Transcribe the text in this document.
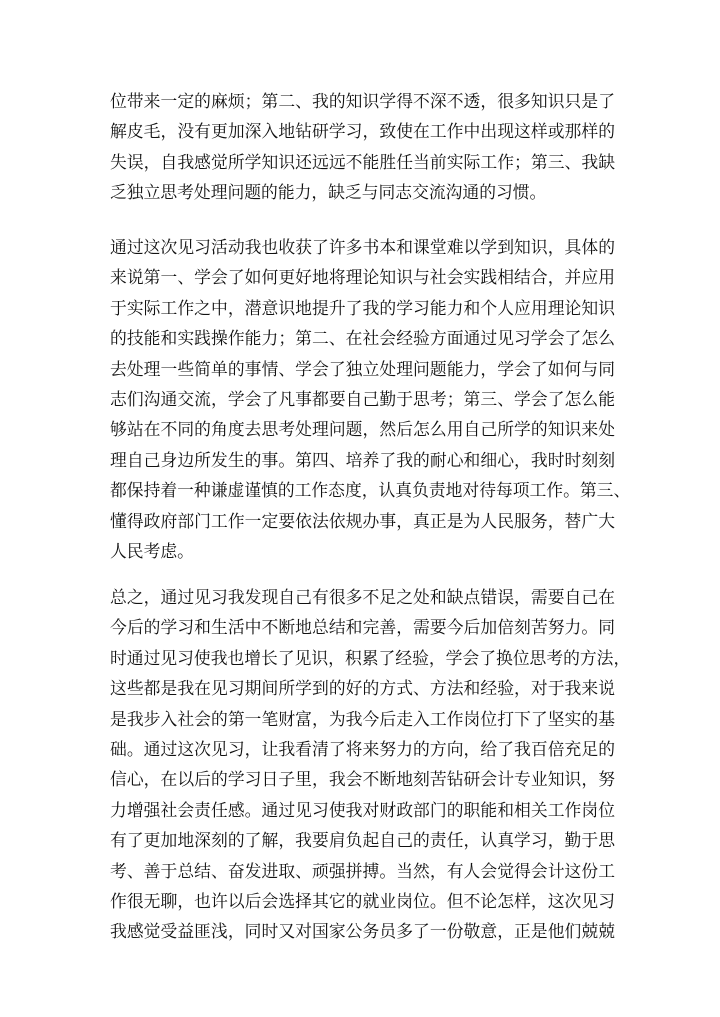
位带来一定的麻烦；第二、我的知识学得不深不透，很多知识只是了
解皮毛，没有更加深入地钻研学习，致使在工作中出现这样或那样的
失误，自我感觉所学知识还远远不能胜任当前实际工作；第三、我缺
乏独立思考处理问题的能力，缺乏与同志交流沟通的习惯。
通过这次见习活动我也收获了许多书本和课堂难以学到知识，具体的
来说第一、学会了如何更好地将理论知识与社会实践相结合，并应用
于实际工作之中，潜意识地提升了我的学习能力和个人应用理论知识
的技能和实践操作能力；第二、在社会经验方面通过见习学会了怎么
去处理一些简单的事情、学会了独立处理问题能力，学会了如何与同
志们沟通交流，学会了凡事都要自己勤于思考；第三、学会了怎么能
够站在不同的角度去思考处理问题，然后怎么用自己所学的知识来处
理自己身边所发生的事。第四、培养了我的耐心和细心，我时时刻刻
都保持着一种谦虚谨慎的工作态度，认真负责地对待每项工作。第三、
懂得政府部门工作一定要依法依规办事，真正是为人民服务，替广大
人民考虑。
总之，通过见习我发现自己有很多不足之处和缺点错误，需要自己在
今后的学习和生活中不断地总结和完善，需要今后加倍刻苦努力。同
时通过见习使我也增长了见识，积累了经验，学会了换位思考的方法，
这些都是我在见习期间所学到的好的方式、方法和经验，对于我来说
是我步入社会的第一笔财富，为我今后走入工作岗位打下了坚实的基
础。通过这次见习，让我看清了将来努力的方向，给了我百倍充足的
信心，在以后的学习日子里，我会不断地刻苦钻研会计专业知识，努
力增强社会责任感。通过见习使我对财政部门的职能和相关工作岗位
有了更加地深刻的了解，我要肩负起自己的责任，认真学习，勤于思
考、善于总结、奋发进取、顽强拼搏。当然，有人会觉得会计这份工
作很无聊，也许以后会选择其它的就业岗位。但不论怎样，这次见习
我感觉受益匪浅，同时又对国家公务员多了一份敬意，正是他们兢兢
